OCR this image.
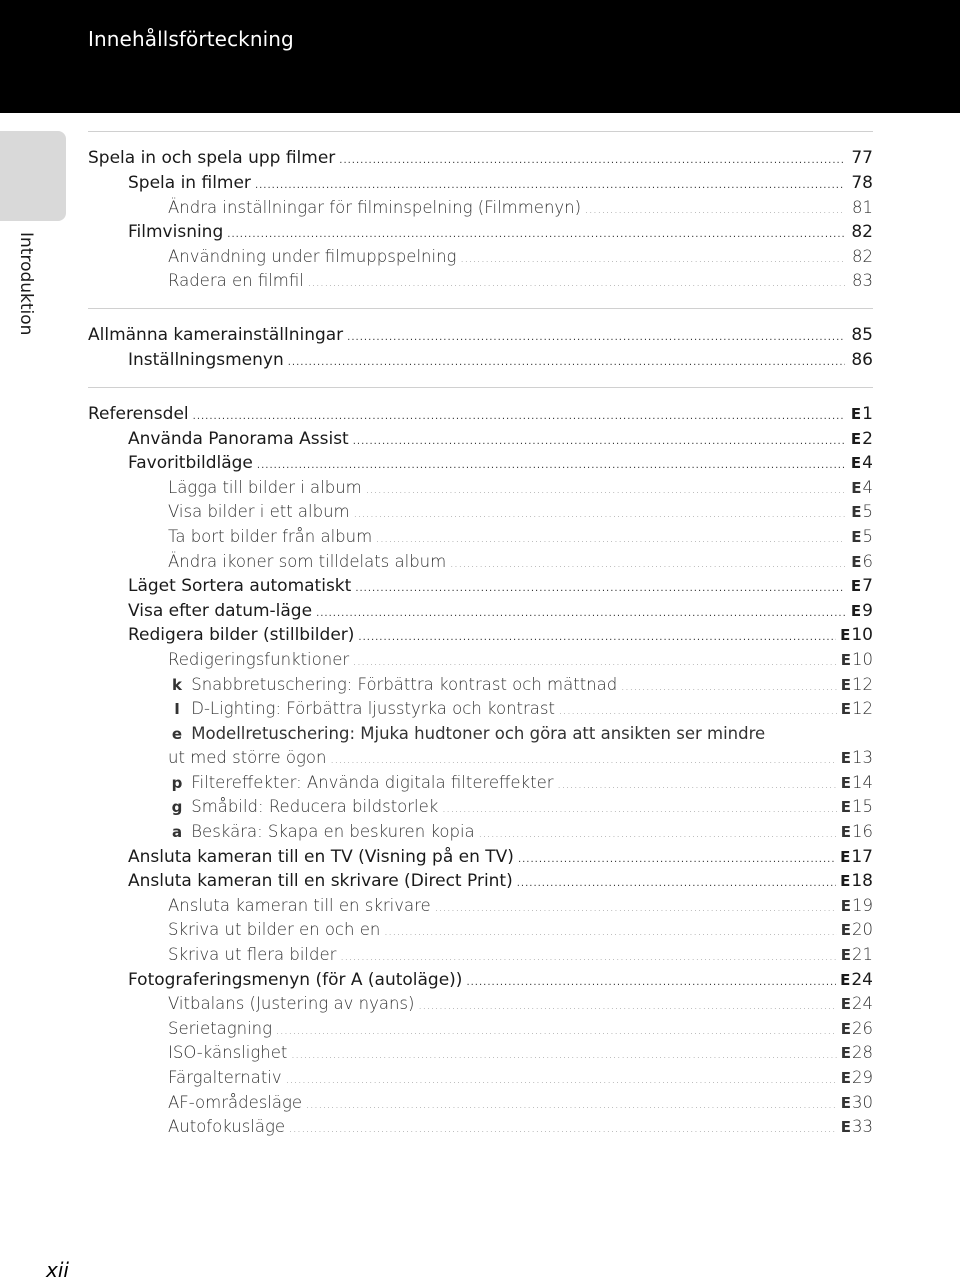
Innehållsförteckning
Introduktion
Spela in och spela upp filmer .....	77
Spela in filmer .....	78
Ändra inställningar för filminspelning (Filmmenyn) .....	81
Filmvisning .....	82
Användning under filmuppspelning .....	82
Radera en filmfil .....	83
Allmänna kamerainställningar .....	85
Inställningsmenyn .....	86
Referensdel .....	E1
Använda Panorama Assist .....	E2
Favoritbildläge .....	E4
Lägga till bilder i album .....	E4
Visa bilder i ett album .....	E5
Ta bort bilder från album .....	E5
Ändra ikoner som tilldelats album .....	E6
Läget Sortera automatiskt .....	E7
Visa efter datum-läge .....	E9
Redigera bilder (stillbilder) .....	E10
Redigeringsfunktioner .....	E10
k Snabbretuschering: Förbättra kontrast och mättnad .....	E12
I D-Lighting: Förbättra ljusstyrka och kontrast .....	E12
e Modellretuschering: Mjuka hudtoner och göra att ansikten ser mindre
ut med större ögon .....	E13
p Filtereffekter: Använda digitala filtereffekter .....	E14
g Småbild: Reducera bildstorlek .....	E15
a Beskära: Skapa en beskuren kopia .....	E16
Ansluta kameran till en TV (Visning på en TV) .....	E17
Ansluta kameran till en skrivare (Direct Print) .....	E18
Ansluta kameran till en skrivare .....	E19
Skriva ut bilder en och en .....	E20
Skriva ut flera bilder .....	E21
Fotograferingsmenyn (för A (autoläge)) .....	E24
Vitbalans (Justering av nyans) .....	E24
Serietagning .....	E26
ISO-känslighet .....	E28
Färgalternativ .....	E29
AF-områdesläge .....	E30
Autofokusläge .....	E33
xii
